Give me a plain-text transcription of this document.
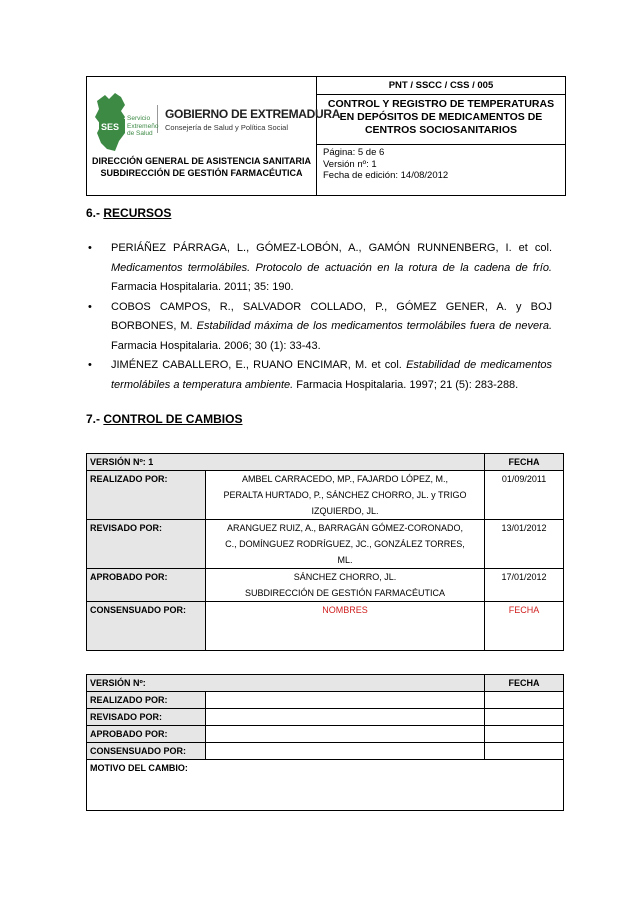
SES
Servicio
Extremeño
de Salud
GOBIERNO DE EXTREMADURA
Consejería de Salud y Política Social
DIRECCIÓN GENERAL DE ASISTENCIA SANITARIA
SUBDIRECCIÓN DE GESTIÓN FARMACÉUTICA
PNT / SSCC / CSS / 005
CONTROL Y REGISTRO DE TEMPERATURAS
EN DEPÓSITOS DE MEDICAMENTOS DE
CENTROS SOCIOSANITARIOS
Página: 5 de 6
Versión nº: 1
Fecha de edición: 14/08/2012
6.- RECURSOS
• PERIÁÑEZ PÁRRAGA, L., GÓMEZ-LOBÓN, A., GAMÓN RUNNENBERG, I. et col. Medicamentos termolábiles. Protocolo de actuación en la rotura de la cadena de frío. Farmacia Hospitalaria. 2011; 35: 190.
• COBOS CAMPOS, R., SALVADOR COLLADO, P., GÓMEZ GENER, A. y BOJ BORBONES, M. Estabilidad máxima de los medicamentos termolábiles fuera de nevera. Farmacia Hospitalaria. 2006; 30 (1): 33-43.
• JIMÉNEZ CABALLERO, E., RUANO ENCIMAR, M. et col. Estabilidad de medicamentos termolábiles a temperatura ambiente. Farmacia Hospitalaria. 1997; 21 (5): 283-288.
7.- CONTROL DE CAMBIOS
VERSIÓN Nº: 1		FECHA
REALIZADO POR:	AMBEL CARRACEDO, MP., FAJARDO LÓPEZ, M.,
PERALTA HURTADO, P., SÁNCHEZ CHORRO, JL. y TRIGO
IZQUIERDO, JL.	01/09/2011
REVISADO POR:	ARANGUEZ RUIZ, A., BARRAGÁN GÓMEZ-CORONADO,
C., DOMÍNGUEZ RODRÍGUEZ, JC., GONZÁLEZ TORRES,
ML.	13/01/2012
APROBADO POR:	SÁNCHEZ CHORRO, JL.
SUBDIRECCIÓN DE GESTIÓN FARMACÉUTICA	17/01/2012
CONSENSUADO POR:	NOMBRES	FECHA
VERSIÓN Nº:		FECHA
REALIZADO POR:		
REVISADO POR:		
APROBADO POR:		
CONSENSUADO POR:		
MOTIVO DEL CAMBIO:		
